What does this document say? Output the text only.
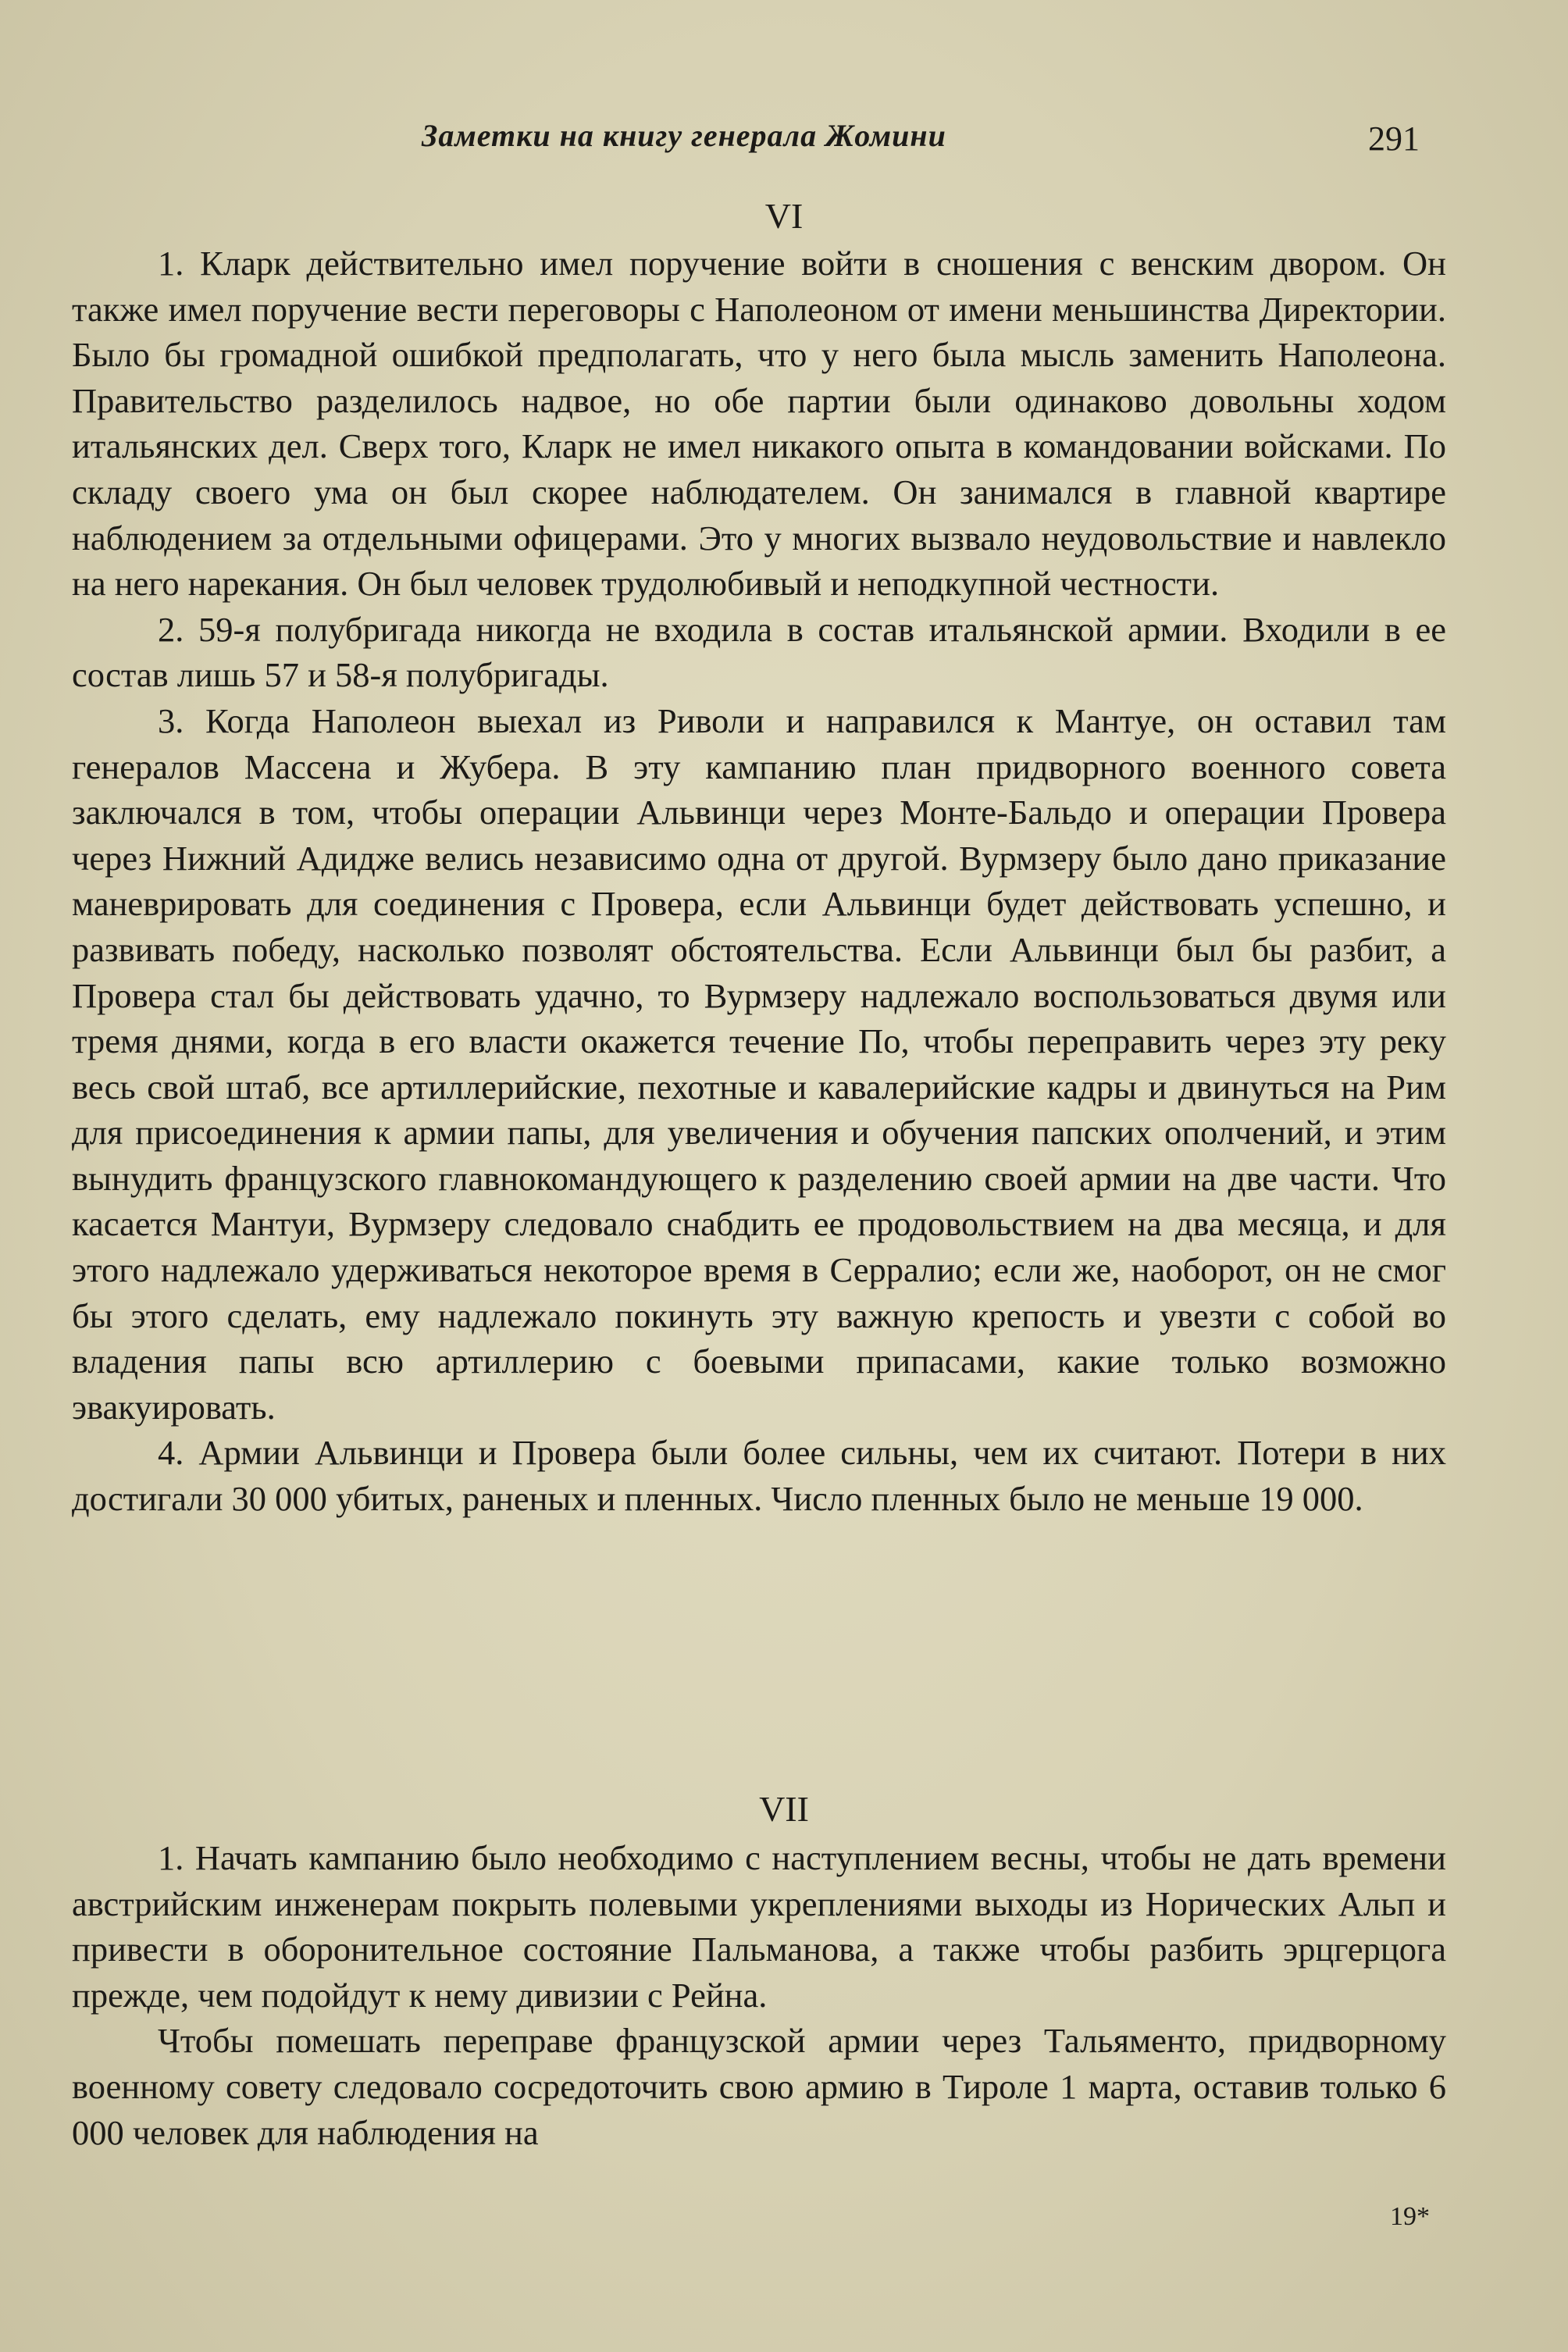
Заметки на книгу генерала Жомини	291
VI

1. Кларк действительно имел поручение войти в сношения с венским двором. Он также имел поручение вести переговоры с Наполеоном от имени меньшинства Директории. Было бы громадной ошибкой предполагать, что у него была мысль заменить Наполеона. Правительство разделилось надвое, но обе партии были одинаково довольны ходом итальянских дел. Сверх того, Кларк не имел никакого опыта в командовании войсками. По складу своего ума он был скорее наблюдателем. Он занимался в главной квартире наблюдением за отдельными офицерами. Это у многих вызвало неудовольствие и навлекло на него нарекания. Он был человек трудолюбивый и неподкупной честности.

2. 59-я полубригада никогда не входила в состав итальянской армии. Входили в ее состав лишь 57 и 58-я полубригады.

3. Когда Наполеон выехал из Риволи и направился к Мантуе, он оставил там генералов Массена и Жубера. В эту кампанию план придворного военного совета заключался в том, чтобы операции Альвинци через Монте-Бальдо и операции Провера через Нижний Адидже велись независимо одна от другой. Вурмзеру было дано приказание маневрировать для соединения с Провера, если Альвинци будет действовать успешно, и развивать победу, насколько позволят обстоятельства. Если Альвинци был бы разбит, а Провера стал бы действовать удачно, то Вурмзеру надлежало воспользоваться двумя или тремя днями, когда в его власти окажется течение По, чтобы переправить через эту реку весь свой штаб, все артиллерийские, пехотные и кавалерийские кадры и двинуться на Рим для присоединения к армии папы, для увеличения и обучения папских ополчений, и этим вынудить французского главнокомандующего к разделению своей армии на две части. Что касается Мантуи, Вурмзеру следовало снабдить ее продовольствием на два месяца, и для этого надлежало удерживаться некоторое время в Серралио; если же, наоборот, он не смог бы этого сделать, ему надлежало покинуть эту важную крепость и увезти с собой во владения папы всю артиллерию с боевыми припасами, какие только возможно эвакуировать.

4. Армии Альвинци и Провера были более сильны, чем их считают. Потери в них достигали 30 000 убитых, раненых и пленных. Число пленных было не меньше 19 000.

VII

1. Начать кампанию было необходимо с наступлением весны, чтобы не дать времени австрийским инженерам покрыть полевыми укреплениями выходы из Норических Альп и привести в оборонительное состояние Пальманова, а также чтобы разбить эрцгерцога прежде, чем подойдут к нему дивизии с Рейна.

Чтобы помешать переправе французской армии через Тальяменто, придворному военному совету следовало сосредоточить свою армию в Тироле 1 марта, оставив только 6 000 человек для наблюдения на

19*
